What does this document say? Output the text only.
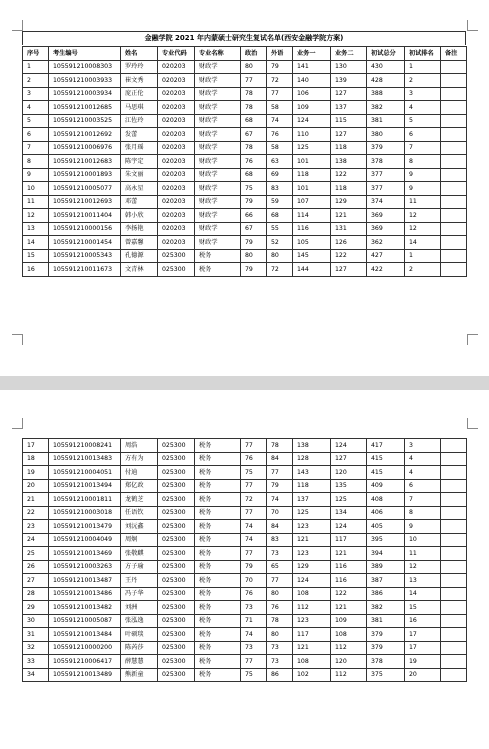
金融学院 2021 年内蒙硕士研究生复试名单(西安金融学院方案)
序号	考生编号	姓名	专业代码	专业名称	政治	外语	业务一	业务二	初试总分	初试排名	备注
1	105591210008303	罗玲玲	020203	财政学	80	79	141	130	430	1	
2	105591210003933	崔文秀	020203	财政学	77	72	140	139	428	2	
3	105591210003934	庞正伦	020203	财政学	78	77	106	127	388	3	
4	105591210012685	马思琪	020203	财政学	78	58	109	137	382	4	
5	105591210003525	江佐玲	020203	财政学	68	74	124	115	381	5	
6	105591210012692	发蕾	020203	财政学	67	76	110	127	380	6	
7	105591210006976	张月瑶	020203	财政学	78	58	125	118	379	7	
8	105591210012683	陈宇定	020203	财政学	76	63	101	138	378	8	
9	105591210001893	朱文丽	020203	财政学	68	69	118	122	377	9	
10	105591210005077	高永星	020203	财政学	75	83	101	118	377	9	
11	105591210012693	邓蕾	020203	财政学	79	59	107	129	374	11	
12	105591210011404	韩小欣	020203	财政学	66	68	114	121	369	12	
13	105591210000156	李扬艳	020203	财政学	67	55	116	131	369	12	
14	105591210001454	曾嘉馨	020203	财政学	79	52	105	126	362	14	
15	105591210005343	孔德源	025300	税务	80	80	145	122	427	1	
16	105591210011673	文青林	025300	税务	79	72	144	127	422	2	
17	105591210008241	周浩	025300	税务	77	78	138	124	417	3	
18	105591210013483	方有为	025300	税务	76	84	128	127	415	4	
19	105591210004051	付迪	025300	税务	75	77	143	120	415	4	
20	105591210013494	郑亿政	025300	税务	77	79	118	135	409	6	
21	105591210001811	龙鹤芝	025300	税务	72	74	137	125	408	7	
22	105591210003018	任语钦	025300	税务	77	70	125	134	406	8	
23	105591210013479	刘沅鑫	025300	税务	74	84	123	124	405	9	
24	105591210004049	周炯	025300	税务	74	83	121	117	395	10	
25	105591210013469	张敬麒	025300	税务	77	73	123	121	394	11	
26	105591210003263	方子瑜	025300	税务	79	65	129	116	389	12	
27	105591210013487	王丹	025300	税务	70	77	124	116	387	13	
28	105591210013486	冯子华	025300	税务	76	80	108	122	386	14	
29	105591210013482	刘洲	025300	税务	73	76	112	121	382	15	
30	105591210005087	张泓逸	025300	税务	71	78	123	109	381	16	
31	105591210013484	叶硕琰	025300	税务	74	80	117	108	379	17	
32	105591210000200	陈芮莎	025300	税务	73	73	121	112	379	17	
33	105591210006417	薛慧慧	025300	税务	77	73	108	120	378	19	
34	105591210013489	熊新童	025300	税务	75	86	102	112	375	20	
